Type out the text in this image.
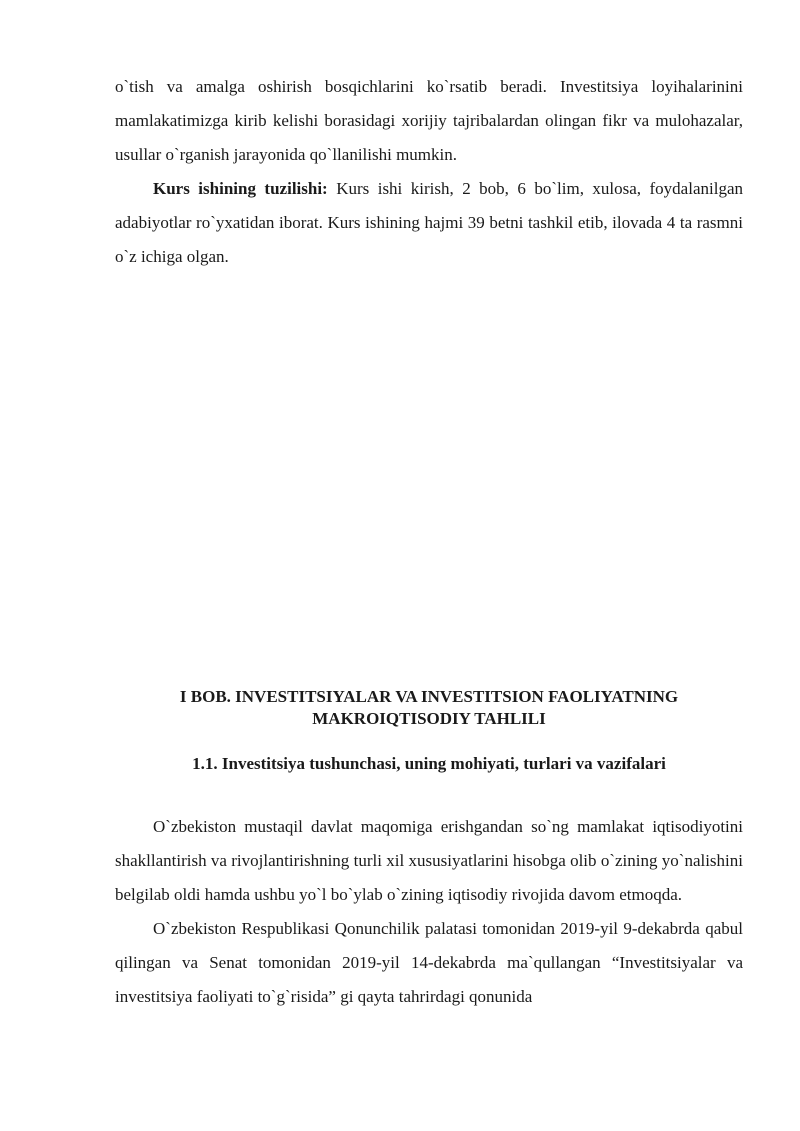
o`tish va amalga oshirish bosqichlarini ko`rsatib beradi. Investitsiya loyihalarinini mamlakatimizga kirib kelishi borasidagi xorijiy tajribalardan olingan fikr va mulohazalar, usullar o`rganish jarayonida qo`llanilishi mumkin.

Kurs ishining tuzilishi: Kurs ishi kirish, 2 bob, 6 bo`lim, xulosa, foydalanilgan adabiyotlar ro`yxatidan iborat. Kurs ishining hajmi 39 betni tashkil etib, ilovada 4 ta rasmni o`z ichiga olgan.

I BOB. INVESTITSIYALAR VA INVESTITSION FAOLIYATNING

MAKROIQTISODIY TAHLILI

1.1. Investitsiya tushunchasi, uning mohiyati, turlari va vazifalari

O`zbekiston mustaqil davlat maqomiga erishgandan so`ng mamlakat iqtisodiyotini shakllantirish va rivojlantirishning turli xil xususiyatlarini hisobga olib o`zining yo`nalishini belgilab oldi hamda ushbu yo`l bo`ylab o`zining iqtisodiy rivojida davom etmoqda.

O`zbekiston Respublikasi Qonunchilik palatasi tomonidan 2019-yil 9-dekabrda qabul qilingan va Senat tomonidan 2019-yil 14-dekabrda ma`qullangan “Investitsiyalar va investitsiya faoliyati to`g`risida” gi qayta tahrirdagi qonunida
